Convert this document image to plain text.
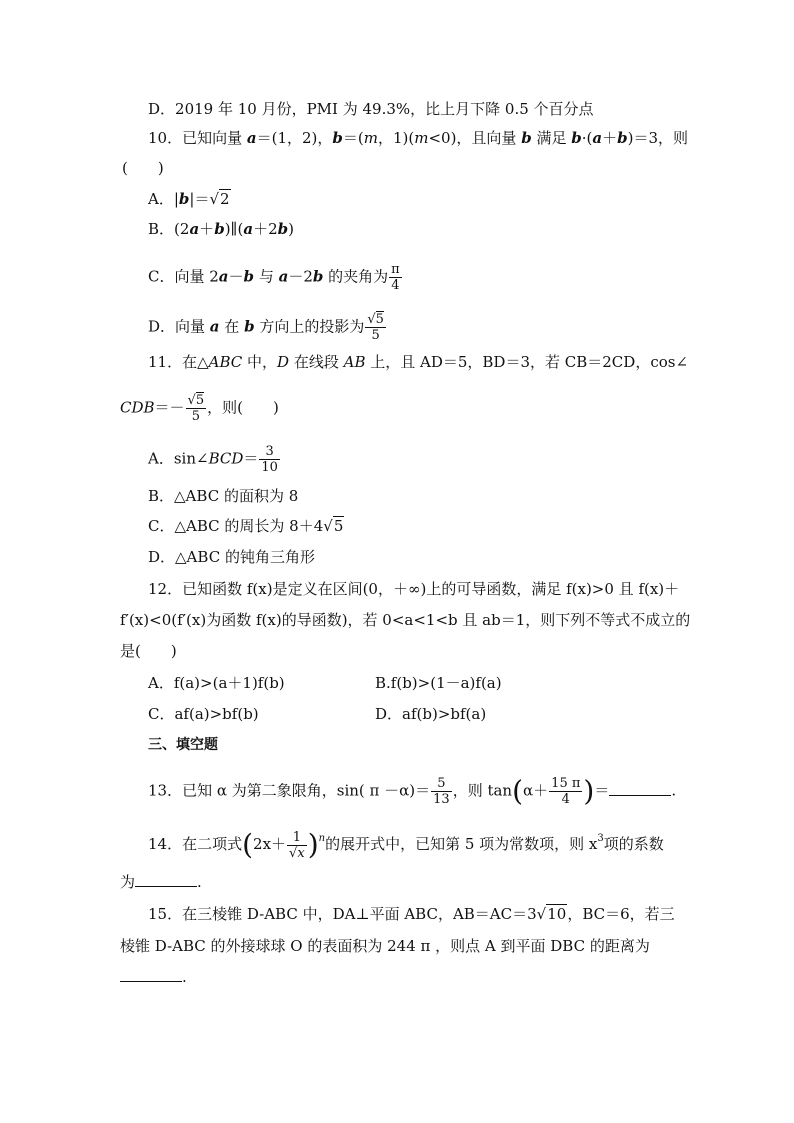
D．2019 年 10 月份，PMI 为 49.3%，比上月下降 0.5 个百分点
10．已知向量 a＝(1，2)，b＝(m，1)(m<0)，且向量 b 满足 b·(a＋b)＝3，则
(　　)
A．|b|＝√2
B．(2a＋b)∥(a＋2b)
C．向量 2a－b 与 a－2b 的夹角为 $\frac{\pi}{4}$
D．向量 a 在 b 方向上的投影为 $\frac{√5}{5}$
11．在△ABC 中，D 在线段 AB 上，且 AD＝5，BD＝3，若 CB＝2CD，cos∠
$CDB=- \frac{√5}{5}$ ，则(　　)
A．sin∠BCD＝ $\frac{3}{10}$
B．△ABC 的面积为 8
C．△ABC 的周长为 8＋4√5
D．△ABC 的钝角三角形
12．已知函数 f(x)是定义在区间(0，＋∞)上的可导函数，满足 f(x)>0 且 f(x)＋
f′(x)<0(f′(x)为函数 f(x)的导函数)，若 0<a<1<b 且 ab＝1，则下列不等式不成立的
是(　　)
A．f(a)>(a＋1)f(b)	B.f(b)>(1－a)f(a)
C．af(a)>bf(b)	D．af(b)>bf(a)
三、填空题
13．已知 α 为第二象限角，sin( $\pi -\alpha)= \frac{5}{13}$ ，则 $\tan(\alpha+ \frac{15 \pi}{4}$ )＝	.
14．在二项式$(2x+ \frac{1}{√x} )^n$的展开式中，已知第 5 项为常数项，则 $x^3$项的系数
为	.
15．在三棱锥 D-ABC 中，DA⊥平面 ABC，AB＝AC＝3√10，BC＝6，若三
棱锥 D-ABC 的外接球球 O 的表面积为 244 π ，则点 A 到平面 DBC 的距离为
.
